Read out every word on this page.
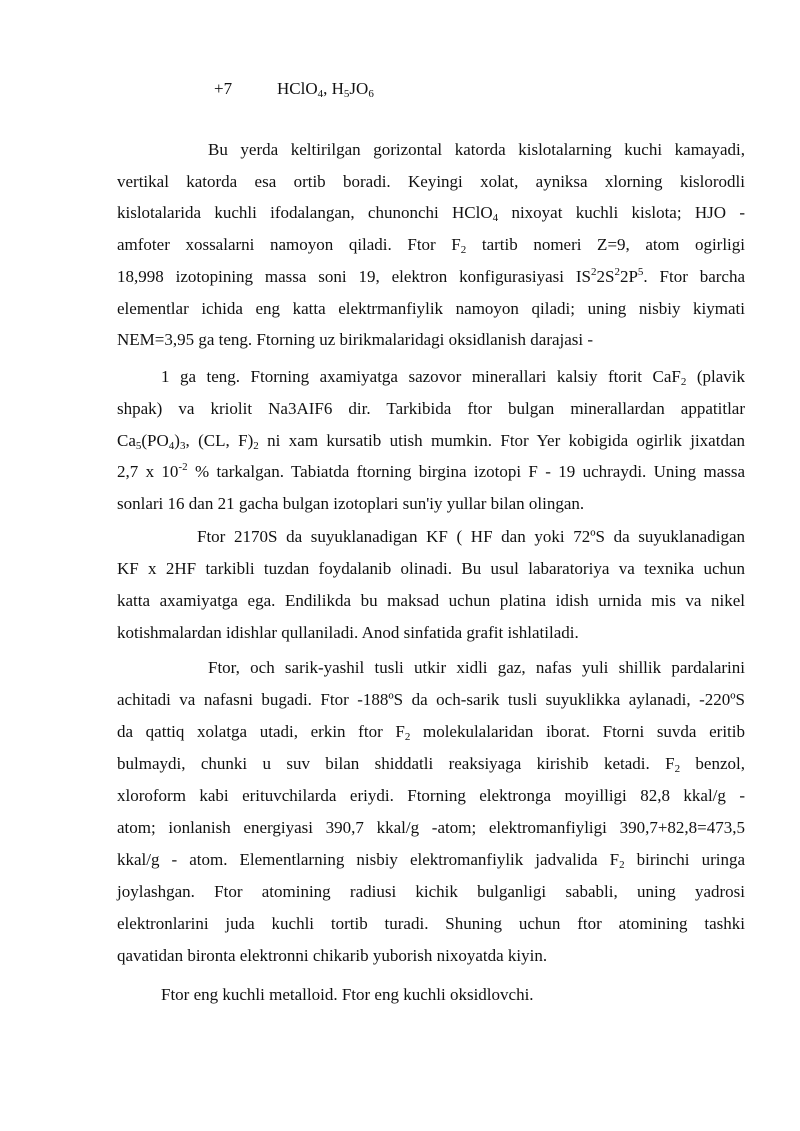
+7	HClO$_4$, $H_5JO_6$
Bu yerda keltirilgan gorizontal katorda kislotalarning kuchi kamayadi,
vertikal katorda esa ortib boradi. Keyingi xolat, ayniksa xlorning kislorodli
kislotalarida kuchli ifodalangan, chunonchi HClO$_4$ nixoyat kuchli kislota; HJO -
amfoter xossalarni namoyon qiladi. Ftor $F_2$ tartib nomeri Z=9, atom ogirligi
18,998 izotopining massa soni 19, elektron konfigurasiyasi $IS^22S^22P^5$. Ftor barcha
elementlar ichida eng katta elektrmanfiylik namoyon qiladi; uning nisbiy kiymati
NEM=3,95 ga teng. Ftorning uz birikmalaridagi oksidlanish darajasi -
1 ga teng. Ftorning axamiyatga sazovor minerallari kalsiy ftorit CaF$_2$ (plavik
shpak) va kriolit Na3AIF6 dir. Tarkibida ftor bulgan minerallardan appatitlar
$Ca_5(PO_4)_3$, (CL, $F)_2$ ni xam kursatib utish mumkin. Ftor Yer kobigida ogirlik jixatdan
2,7 x $10^{-2}$ % tarkalgan. Tabiatda ftorning birgina izotopi F - 19 uchraydi. Uning massa
sonlari 16 dan 21 gacha bulgan izotoplari sun'iy yullar bilan olingan.
Ftor 2170S da suyuklanadigan KF ( HF dan yoki 72ºS da suyuklanadigan
KF x 2HF tarkibli tuzdan foydalanib olinadi. Bu usul labaratoriya va texnika uchun
katta axamiyatga ega. Endilikda bu maksad uchun platina idish urnida mis va nikel
kotishmalardan idishlar qullaniladi. Anod sinfatida grafit ishlatiladi.
Ftor, och sarik-yashil tusli utkir xidli gaz, nafas yuli shillik pardalarini
achitadi va nafasni bugadi. Ftor -188ºS da och-sarik tusli suyuklikka aylanadi, -220ºS
da qattiq xolatga utadi, erkin ftor $F_2$ molekulalaridan iborat. Ftorni suvda eritib
bulmaydi, chunki u suv bilan shiddatli reaksiyaga kirishib ketadi. $F_2$ benzol,
xloroform kabi erituvchilarda eriydi. Ftorning elektronga moyilligi 82,8 kkal/g -
atom; ionlanish energiyasi 390,7 kkal/g -atom; elektromanfiyligi 390,7+82,8=473,5
kkal/g - atom. Elementlarning nisbiy elektromanfiylik jadvalida $F_2$ birinchi uringa
joylashgan. Ftor atomining radiusi kichik bulganligi sababli, uning yadrosi
elektronlarini juda kuchli tortib turadi. Shuning uchun ftor atomining tashki
qavatidan bironta elektronni chikarib yuborish nixoyatda kiyin.
Ftor eng kuchli metalloid. Ftor eng kuchli oksidlovchi.
